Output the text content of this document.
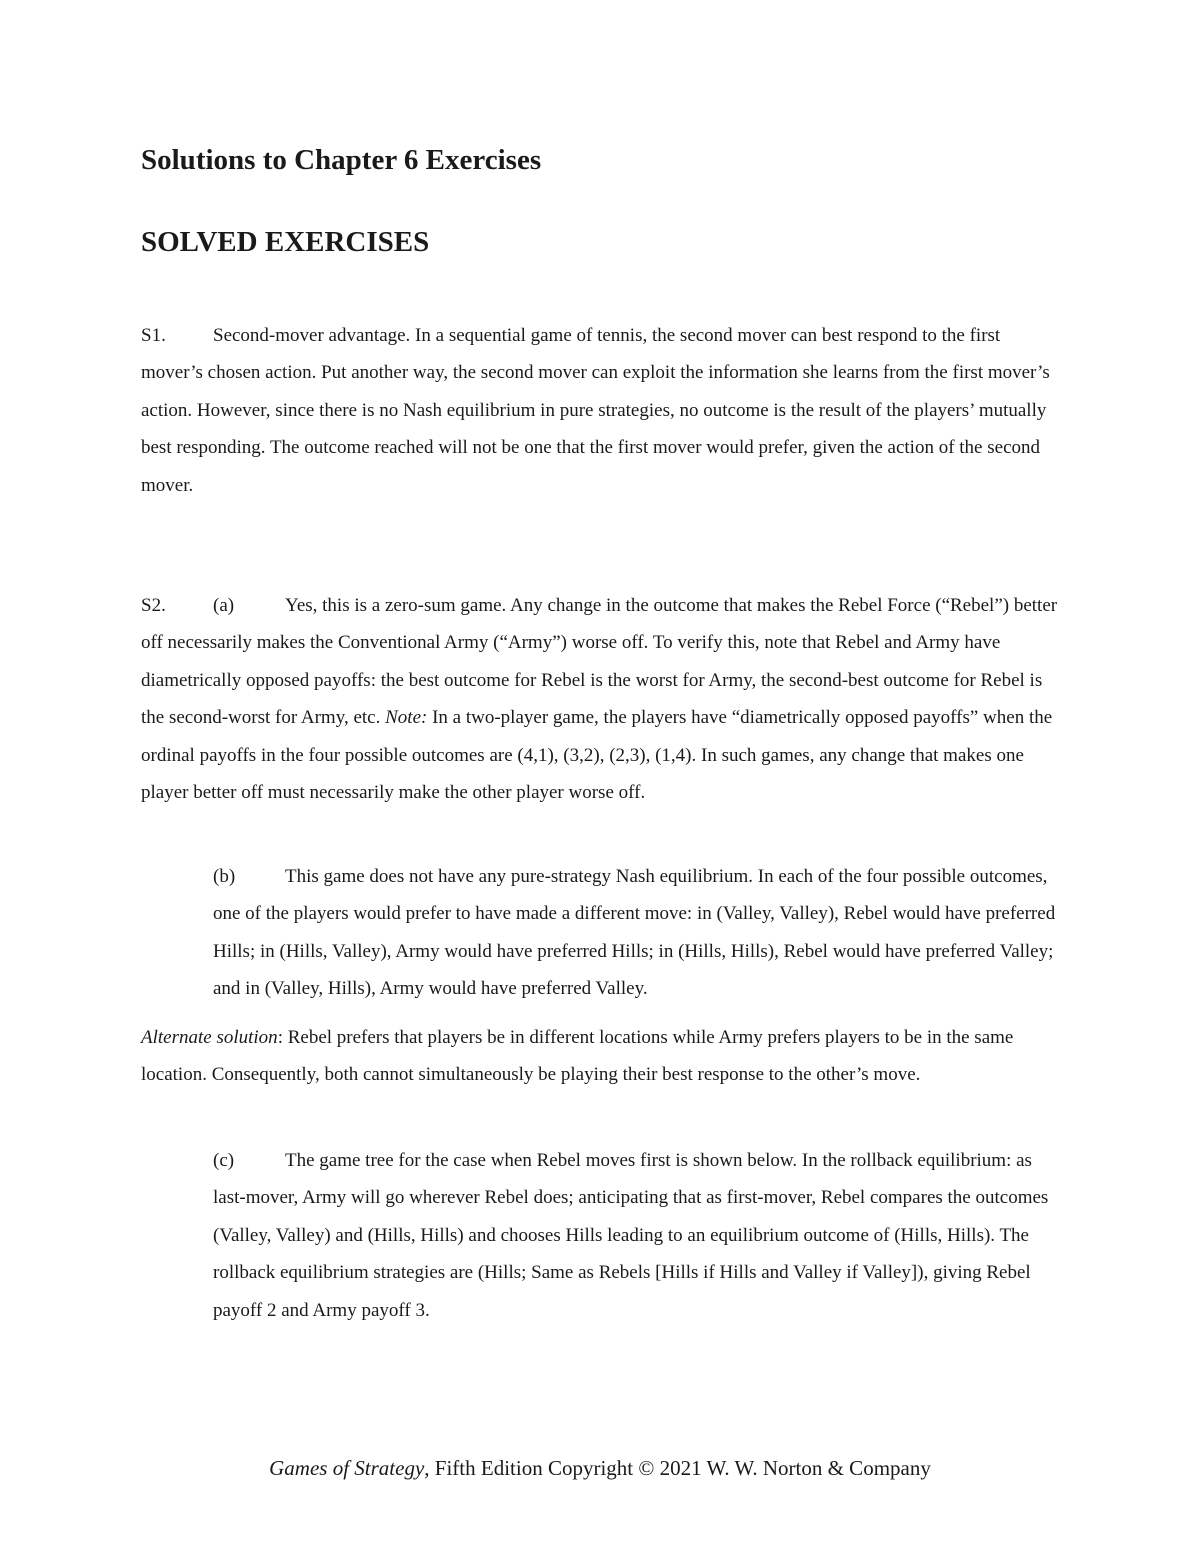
Solutions to Chapter 6 Exercises
SOLVED EXERCISES

S1. Second-mover advantage. In a sequential game of tennis, the second mover can best respond to the first mover’s chosen action. Put another way, the second mover can exploit the information she learns from the first mover’s action. However, since there is no Nash equilibrium in pure strategies, no outcome is the result of the players’ mutually best responding. The outcome reached will not be one that the first mover would prefer, given the action of the second mover.

S2. (a)	Yes, this is a zero-sum game. Any change in the outcome that makes the Rebel Force (“Rebel”) better off necessarily makes the Conventional Army (“Army”) worse off. To verify this, note that Rebel and Army have diametrically opposed payoffs: the best outcome for Rebel is the worst for Army, the second-best outcome for Rebel is the second-worst for Army, etc. Note: In a two-player game, the players have “diametrically opposed payoffs” when the ordinal payoffs in the four possible outcomes are (4,1), (3,2), (2,3), (1,4). In such games, any change that makes one player better off must necessarily make the other player worse off.

(b)	This game does not have any pure-strategy Nash equilibrium. In each of the four possible outcomes, one of the players would prefer to have made a different move: in (Valley, Valley), Rebel would have preferred Hills; in (Hills, Valley), Army would have preferred Hills; in (Hills, Hills), Rebel would have preferred Valley; and in (Valley, Hills), Army would have preferred Valley.

Alternate solution: Rebel prefers that players be in different locations while Army prefers players to be in the same location. Consequently, both cannot simultaneously be playing their best response to the other’s move.

(c)	The game tree for the case when Rebel moves first is shown below. In the rollback equilibrium: as last-mover, Army will go wherever Rebel does; anticipating that as first-mover, Rebel compares the outcomes (Valley, Valley) and (Hills, Hills) and chooses Hills leading to an equilibrium outcome of (Hills, Hills). The rollback equilibrium strategies are (Hills; Same as Rebels [Hills if Hills and Valley if Valley]), giving Rebel payoff 2 and Army payoff 3.

Games of Strategy, Fifth Edition Copyright © 2021 W. W. Norton & Company
